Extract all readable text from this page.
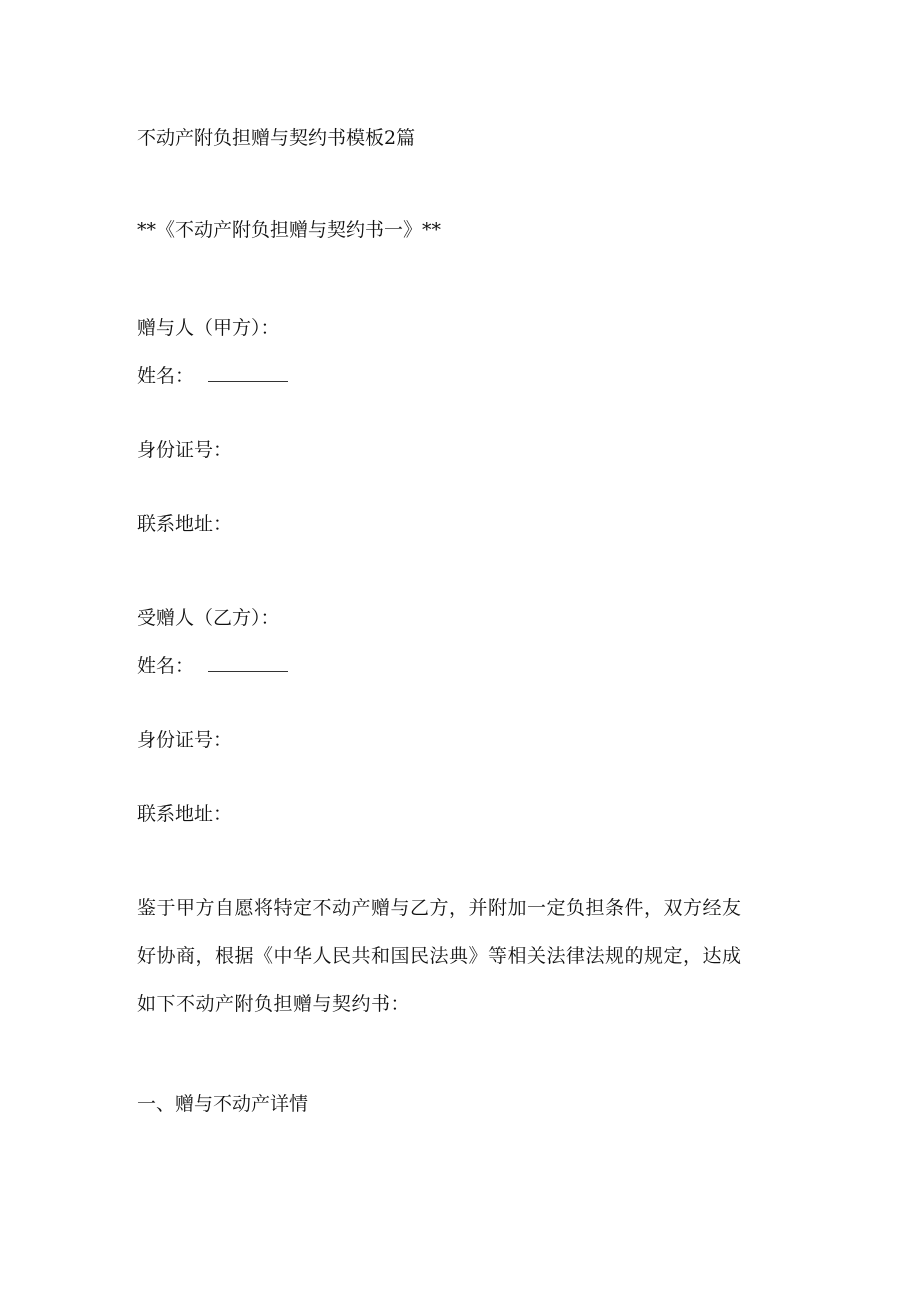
不动产附负担赠与契约书模板2篇
**《不动产附负担赠与契约书一》**
赠与人（甲方）：
姓名：
身份证号：
联系地址：
受赠人（乙方）：
姓名：
身份证号：
联系地址：
鉴于甲方自愿将特定不动产赠与乙方，并附加一定负担条件，双方经友
好协商，根据《中华人民共和国民法典》等相关法律法规的规定，达成
如下不动产附负担赠与契约书：
一、赠与不动产详情
